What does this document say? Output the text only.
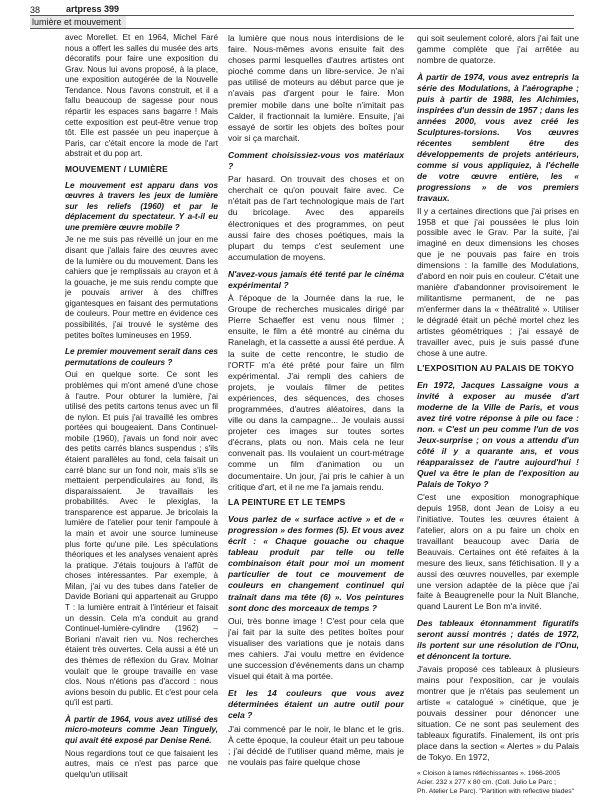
38	artpress 399
lumière et mouvement

avec Morellet. Et en 1964, Michel Faré nous a offert les salles du musée des arts décoratifs pour faire une exposition du Grav. Nous lui avons proposé, à la place, une exposition autogérée de la Nouvelle Tendance. Nous l'avons construit, et il a fallu beaucoup de sagesse pour nous répartir les espaces sans bagarre ! Mais cette exposition est peut-être venue trop tôt. Elle est passée un peu inaperçue à Paris, car c'était encore la mode de l'art abstrait et du pop art.

MOUVEMENT / LUMIÈRE

Le mouvement est apparu dans vos œuvres à travers les jeux de lumière sur les reliefs (1960) et par le déplacement du spectateur. Y a-t-il eu une première œuvre mobile ?

Je ne me suis pas réveillé un jour en me disant que j'allais faire des œuvres avec de la lumière ou du mouvement. Dans les cahiers que je remplissais au crayon et à la gouache, je me suis rendu compte que je pouvais arriver à des chiffres gigantesques en faisant des permutations de couleurs. Pour mettre en évidence ces possibilités, j'ai trouvé le système des petites boîtes lumineuses en 1959.

Le premier mouvement serait dans ces permutations de couleurs ?

Oui en quelque sorte. Ce sont les problèmes qui m'ont amené d'une chose à l'autre. Pour obturer la lumière, j'ai utilisé des petits cartons tenus avec un fil de nylon. Et puis j'ai travaillé les ombres portées qui bougeaient. Dans Continuel-mobile (1960), j'avais un fond noir avec des petits carrés blancs suspendus ; s'ils étaient parallèles au fond, cela faisait un carré blanc sur un fond noir, mais s'ils se mettaient perpendiculaires au fond, ils disparaissaient. Je travaillais les probabilités. Avec le plexiglas, la transparence est apparue. Je bricolais la lumière de l'atelier pour tenir l'ampoule à la main et avoir une source lumineuse plus forte qu'une pile. Les spéculations théoriques et les analyses venaient après la pratique. J'étais toujours à l'affût de choses intéressantes. Par exemple, à Milan, j'ai vu des tubes dans l'atelier de Davide Boriani qui appartenait au Gruppo T : la lumière entrait à l'intérieur et faisait un dessin. Cela m'a conduit au grand Continuel-lumière-cylindre (1962) – Boriani n'avait rien vu. Nos recherches étaient très ouvertes. Cela aussi a été un des thèmes de réflexion du Grav. Molnar voulait que le groupe travaille en vase clos. Nous n'étions pas d'accord : nous avions besoin du public. Et c'est pour cela qu'il est parti.

À partir de 1964, vous avez utilisé des micro-moteurs comme Jean Tinguely, qui avait été exposé par Denise René.

Nous regardions tout ce que faisaient les autres, mais ce n'est pas parce que quelqu'un utilisait

la lumière que nous nous interdisions de le faire. Nous-mêmes avons ensuite fait des choses parmi lesquelles d'autres artistes ont pioché comme dans un libre-service. Je n'ai pas utilisé de moteurs au début parce que je n'avais pas d'argent pour le faire. Mon premier mobile dans une boîte n'imitait pas Calder, il fractionnait la lumière. Ensuite, j'ai essayé de sortir les objets des boîtes pour voir si ça marchait.

Comment choisissiez-vous vos matériaux ?

Par hasard. On trouvait des choses et on cherchait ce qu'on pouvait faire avec. Ce n'était pas de l'art technologique mais de l'art du bricolage. Avec des appareils électroniques et des programmes, on peut aussi faire des choses poétiques, mais la plupart du temps c'est seulement une accumulation de moyens.

N'avez-vous jamais été tenté par le cinéma expérimental ?

À l'époque de la Journée dans la rue, le Groupe de recherches musicales dirigé par Pierre Schaeffer est venu nous filmer ; ensuite, le film a été montré au cinéma du Ranelagh, et la cassette a aussi été perdue. À la suite de cette rencontre, le studio de l'ORTF m'a été prêté pour faire un film expérimental. J'ai rempli des cahiers de projets, je voulais filmer de petites expériences, des séquences, des choses programmées, d'autres aléatoires, dans la ville ou dans la campagne... Je voulais aussi projeter ces images sur toutes sortes d'écrans, plats ou non. Mais cela ne leur convenait pas. Ils voulaient un court-métrage comme un film d'animation ou un documentaire. Un jour, j'ai pris le cahier à un critique d'art, et il ne me l'a jamais rendu.

LA PEINTURE ET LE TEMPS

Vous parlez de « surface active » et de « progression » des formes (5). Et vous avez écrit : « Chaque gouache ou chaque tableau produit par telle ou telle combinaison était pour moi un moment particulier de tout ce mouvement de couleurs en changement continuel qui traînait dans ma tête (6) ». Vos peintures sont donc des morceaux de temps ?

Oui, très bonne image ! C'est pour cela que j'ai fait par la suite des petites boîtes pour visualiser des variations que je notais dans mes cahiers. J'ai voulu mettre en évidence une succession d'événements dans un champ visuel qui était à ma portée.

Et les 14 couleurs que vous avez déterminées étaient un autre outil pour cela ?

J'ai commencé par le noir, le blanc et le gris. À cette époque, la couleur était un peu taboue ; j'ai décidé de l'utiliser quand même, mais je ne voulais pas faire quelque chose

qui soit seulement coloré, alors j'ai fait une gamme complète que j'ai arrêtée au nombre de quatorze.

À partir de 1974, vous avez entrepris la série des Modulations, à l'aérographe ; puis à partir de 1988, les Alchimies, inspirées d'un dessin de 1957 ; dans les années 2000, vous avez créé les Sculptures-torsions. Vos œuvres récentes semblent être des développements de projets antérieurs, comme si vous appliquiez, à l'échelle de votre œuvre entière, les « progressions » de vos premiers travaux.

Il y a certaines directions que j'ai prises en 1958 et que j'ai poussées le plus loin possible avec le Grav. Par la suite, j'ai imaginé en deux dimensions les choses que je ne pouvais pas faire en trois dimensions : la famille des Modulations, d'abord en noir puis en couleur. C'était une manière d'abandonner provisoirement le militantisme permanent, de ne pas m'enfermer dans la « théâtralité ». Utiliser le dégradé était un péché mortel chez les artistes géométriques ; j'ai essayé de travailler avec, puis je suis passé d'une chose à une autre.

L'EXPOSITION AU PALAIS DE TOKYO

En 1972, Jacques Lassaigne vous a invité à exposer au musée d'art moderne de la Ville de Paris, et vous avez tiré votre réponse à pile ou face : non. « C'est un peu comme l'un de vos Jeux-surprise ; on vous a attendu d'un côté il y a quarante ans, et vous réapparaissez de l'autre aujourd'hui ! Quel va être le plan de l'exposition au Palais de Tokyo ?

C'est une exposition monographique depuis 1958, dont Jean de Loisy a eu l'initiative. Toutes les œuvres étaient à l'atelier, alors on a pu faire un choix en travaillant beaucoup avec Daria de Beauvais. Certaines ont été refaites à la mesure des lieux, sans fétichisation. Il y a aussi des œuvres nouvelles, par exemple une version adaptée de la pièce que j'ai faite à Beaugrenelle pour la Nuit Blanche, quand Laurent Le Bon m'a invité.

Des tableaux étonnamment figuratifs seront aussi montrés ; datés de 1972, ils portent sur une résolution de l'Onu, et dénoncent la torture.

J'avais proposé ces tableaux à plusieurs mains pour l'exposition, car je voulais montrer que je n'étais pas seulement un artiste « catalogué » cinétique, que je pouvais dessiner pour dénoncer une situation. Ce ne sont pas seulement des tableaux figuratifs. Finalement, ils ont pris place dans la section « Alertes » du Palais de Tokyo. En 1972,

« Cloison à lames réfléchissantes ». 1966-2005

Acier. 232 x 277 x 80 cm. (Coll. Julio Le Parc ;

Ph. Atelier Le Parc). "Partition with reflective blades"
